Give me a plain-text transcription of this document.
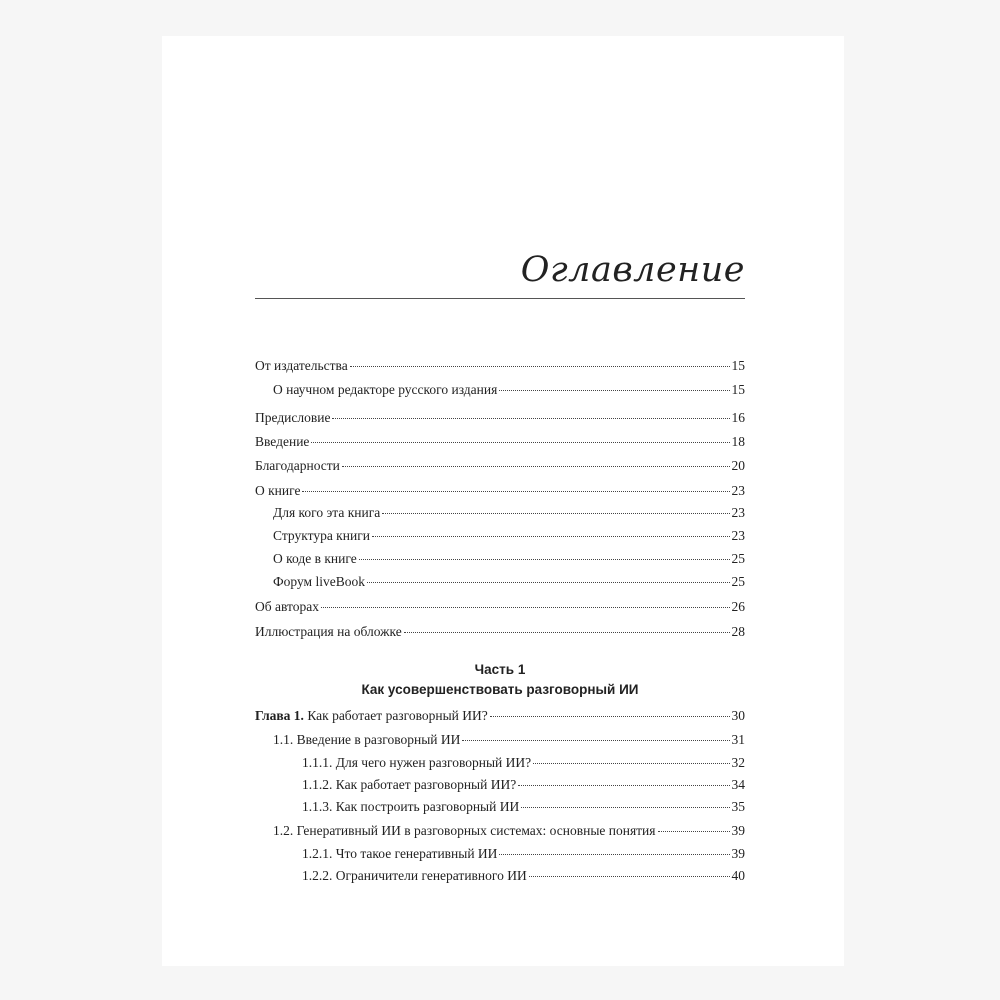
Оглавление
От издательства	15
О научном редакторе русского издания	15
Предисловие	16
Введение	18
Благодарности	20
О книге	23
Для кого эта книга	23
Структура книги	23
О коде в книге	25
Форум liveBook	25
Об авторах	26
Иллюстрация на обложке	28
Часть 1
Как усовершенствовать разговорный ИИ
Глава 1. Как работает разговорный ИИ?	30
1.1. Введение в разговорный ИИ	31
1.1.1. Для чего нужен разговорный ИИ?	32
1.1.2. Как работает разговорный ИИ?	34
1.1.3. Как построить разговорный ИИ	35
1.2. Генеративный ИИ в разговорных системах: основные понятия	39
1.2.1. Что такое генеративный ИИ	39
1.2.2. Ограничители генеративного ИИ	40
